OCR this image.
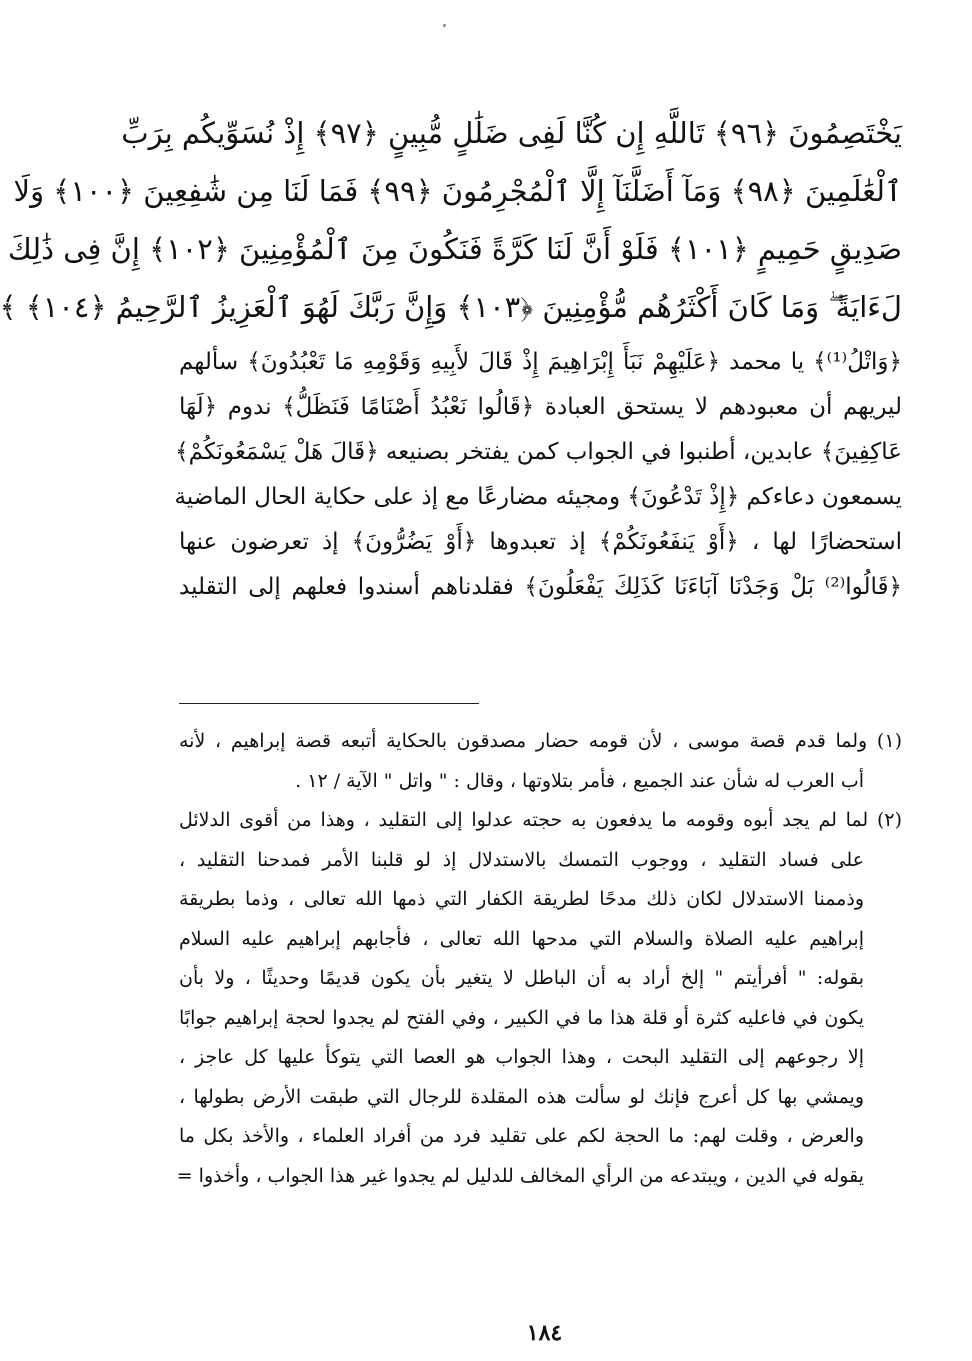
يَخْتَصِمُونَ ﴿٩٦﴾ تَاللَّهِ إِن كُنَّا لَفِى ضَلَٰلٍ مُّبِينٍ ﴿٩٧﴾ إِذْ نُسَوِّيكُم بِرَبِّ
ٱلْعَٰلَمِينَ ﴿٩٨﴾ وَمَآ أَضَلَّنَآ إِلَّا ٱلْمُجْرِمُونَ ﴿٩٩﴾ فَمَا لَنَا مِن شَٰفِعِينَ ﴿١٠٠﴾ وَلَا
صَدِيقٍ حَمِيمٍ ﴿١٠١﴾ فَلَوْ أَنَّ لَنَا كَرَّةً فَنَكُونَ مِنَ ٱلْمُؤْمِنِينَ ﴿١٠٢﴾ إِنَّ فِى ذَٰلِكَ
لَءَايَةً ۖ وَمَا كَانَ أَكْثَرُهُم مُّؤْمِنِينَ ﴿١٠٣﴾ وَإِنَّ رَبَّكَ لَهُوَ ٱلْعَزِيزُ ٱلرَّحِيمُ ﴿١٠٤﴾ ﴾
﴿وَاتْلُ⁽¹⁾﴾ يا محمد ﴿عَلَيْهِمْ نَبَأَ إِبْرَاهِيمَ إِذْ قَالَ لأَبِيهِ وَقَوْمِهِ مَا تَعْبُدُونَ﴾ سألهم
ليريهم أن معبودهم لا يستحق العبادة ﴿قَالُوا نَعْبُدُ أَصْنَامًا فَنَظَلُّ﴾ ندوم ﴿لَهَا
عَاكِفِينَ﴾ عابدين، أطنبوا في الجواب كمن يفتخر بصنيعه ﴿قَالَ هَلْ يَسْمَعُونَكُمْ﴾
يسمعون دعاءكم ﴿إِذْ تَدْعُونَ﴾ ومجيئه مضارعًا مع إذ على حكاية الحال الماضية
استحضارًا لها ، ﴿أَوْ يَنفَعُونَكُمْ﴾ إذ تعبدوها ﴿أَوْ يَضُرُّونَ﴾ إذ تعرضون عنها
﴿قَالُوا⁽²⁾ بَلْ وَجَدْنَا آبَاءَنَا كَذَلِكَ يَفْعَلُونَ﴾ فقلدناهم أسندوا فعلهم إلى التقليد
(١) ولما قدم قصة موسى ، لأن قومه حضار مصدقون بالحكاية أتبعه قصة إبراهيم ، لأنه
أب العرب له شأن عند الجميع ، فأمر بتلاوتها ، وقال : " واتل " الآية / ١٢ .
(٢) لما لم يجد أبوه وقومه ما يدفعون به حجته عدلوا إلى التقليد ، وهذا من أقوى الدلائل
على فساد التقليد ، ووجوب التمسك بالاستدلال إذ لو قلبنا الأمر فمدحنا التقليد ،
وذممنا الاستدلال لكان ذلك مدحًا لطريقة الكفار التي ذمها الله تعالى ، وذما بطريقة
إبراهيم عليه الصلاة والسلام التي مدحها الله تعالى ، فأجابهم إبراهيم عليه السلام
بقوله: " أفرأيتم " إلخ أراد به أن الباطل لا يتغير بأن يكون قديمًا وحديثًا ، ولا بأن
يكون في فاعليه كثرة أو قلة هذا ما في الكبير ، وفي الفتح لم يجدوا لحجة إبراهيم جوابًا
إلا رجوعهم إلى التقليد البحت ، وهذا الجواب هو العصا التي يتوكأ عليها كل عاجز ،
ويمشي بها كل أعرج فإنك لو سألت هذه المقلدة للرجال التي طبقت الأرض بطولها ،
والعرض ، وقلت لهم: ما الحجة لكم على تقليد فرد من أفراد العلماء ، والأخذ بكل ما
يقوله في الدين ، ويبتدعه من الرأي المخالف للدليل لم يجدوا غير هذا الجواب ، وأخذوا =
١٨٤
